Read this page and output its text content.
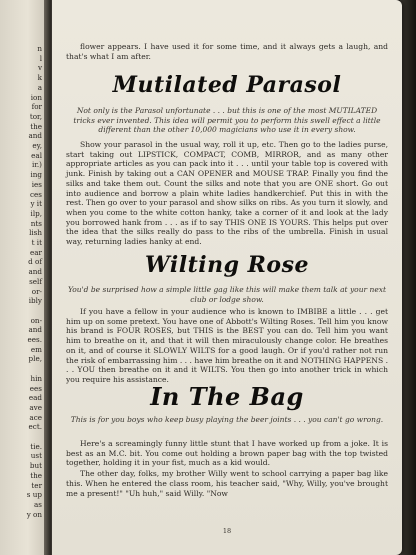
n
l
v
k
a
ion
for
tor,
the
and
ey,
eal
ir.)
ing
ies
ces
y it
ilp,
nts
lish
t it
ear
d of
and
self
or-
ibly
on-
and
ees.
em
ple,
hin
ees
ead
ave
ace
ect.
tie.
ust
but
the
ter
s up
as
y on

flower appears. I have used it for some time, and it always gets a laugh, and that's what I am after.

Mutilated Parasol
Not only is the Parasol unfortunate . . . but this is one of the most MUTILATED tricks ever invented. This idea will permit you to perform this swell effect a little different than the other 10,000 magicians who use it in every show.

Show your parasol in the usual way, roll it up, etc. Then go to the ladies purse, start taking out LIPSTICK, COMPACT, COMB, MIRROR, and as many other appropriate articles as you can pack into it . . . until your table top is covered with junk. Finish by taking out a CAN OPENER and MOUSE TRAP. Finally you find the silks and take them out. Count the silks and note that you are ONE short. Go out into audience and borrow a plain white ladies handkerchief. Put this in with the rest. Then go over to your parasol and show silks on ribs. As you turn it slowly, and when you come to the white cotton hanky, take a corner of it and look at the lady you borrowed hank from . . . as if to say THIS ONE IS YOURS. This helps put over the idea that the silks really do pass to the ribs of the umbrella. Finish in usual way, returning ladies hanky at end.

Wilting Rose
You'd be surprised how a simple little gag like this will make them talk at your next club or lodge show.

If you have a fellow in your audience who is known to IMBIBE a little . . . get him up on some pretext. You have one of Abbott's Wilting Roses. Tell him you know his brand is FOUR ROSES, but THIS is the BEST you can do. Tell him you want him to breathe on it, and that it will then miraculously change color. He breathes on it, and of course it SLOWLY WILTS for a good laugh. Or if you'd rather not run the risk of embarrassing him . . . have him breathe on it and NOTHING HAPPENS . . . YOU then breathe on it and it WILTS. You then go into another trick in which you require his assistance.

In The Bag
This is for you boys who keep busy playing the beer joints . . . you can't go wrong.

Here's a screamingly funny little stunt that I have worked up from a joke. It is best as an M.C. bit. You come out holding a brown paper bag with the top twisted together, holding it in your fist, much as a kid would.

The other day, folks, my brother Willy went to school carrying a paper bag like this. When he entered the class room, his teacher said, "Why, Willy, you've brought me a present!" "Uh huh," said Willy. "Now

18
